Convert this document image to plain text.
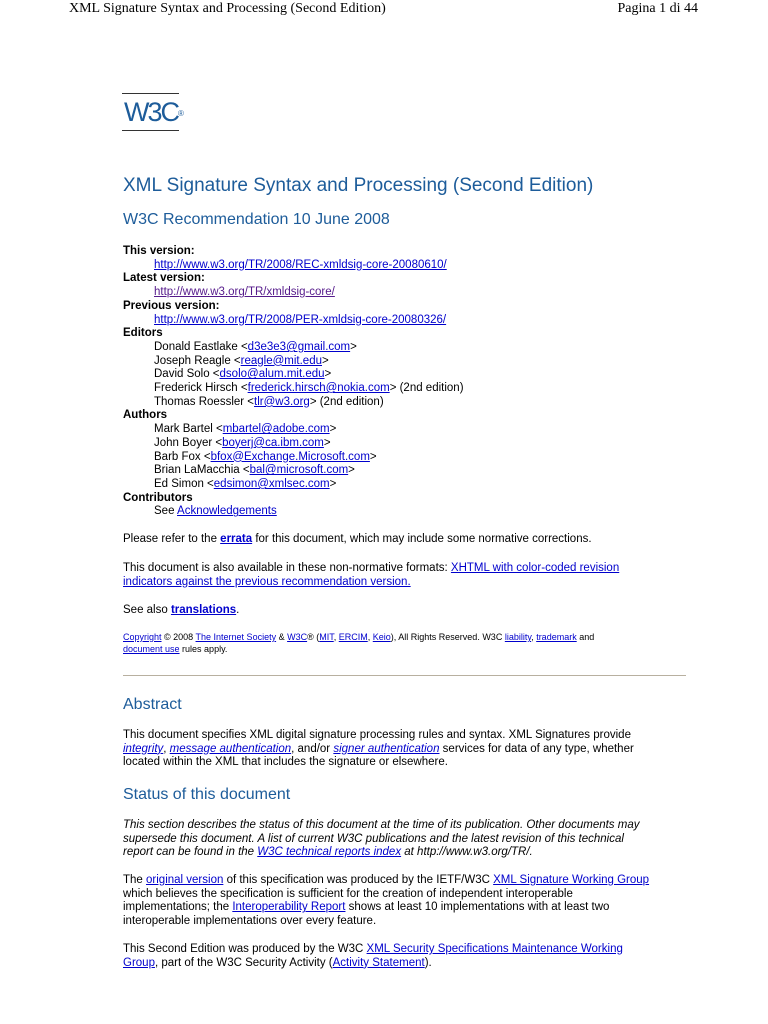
XML Signature Syntax and Processing (Second Edition)	Pagina 1 di 44
W3C®
XML Signature Syntax and Processing (Second Edition)
W3C Recommendation 10 June 2008
This version:
http://www.w3.org/TR/2008/REC-xmldsig-core-20080610/
Latest version:
http://www.w3.org/TR/xmldsig-core/
Previous version:
http://www.w3.org/TR/2008/PER-xmldsig-core-20080326/
Editors
Donald Eastlake <d3e3e3@gmail.com>
Joseph Reagle <reagle@mit.edu>
David Solo <dsolo@alum.mit.edu>
Frederick Hirsch <frederick.hirsch@nokia.com> (2nd edition)
Thomas Roessler <tlr@w3.org> (2nd edition)
Authors
Mark Bartel <mbartel@adobe.com>
John Boyer <boyerj@ca.ibm.com>
Barb Fox <bfox@Exchange.Microsoft.com>
Brian LaMacchia <bal@microsoft.com>
Ed Simon <edsimon@xmlsec.com>
Contributors
See Acknowledgements

Please refer to the errata for this document, which may include some normative corrections.

This document is also available in these non-normative formats: XHTML with color-coded revision
indicators against the previous recommendation version.

See also translations.

Copyright © 2008 The Internet Society & W3C® (MIT, ERCIM, Keio), All Rights Reserved. W3C liability, trademark and
document use rules apply.

Abstract

This document specifies XML digital signature processing rules and syntax. XML Signatures provide
integrity, message authentication, and/or signer authentication services for data of any type, whether
located within the XML that includes the signature or elsewhere.

Status of this document

This section describes the status of this document at the time of its publication. Other documents may
supersede this document. A list of current W3C publications and the latest revision of this technical
report can be found in the W3C technical reports index at http://www.w3.org/TR/.

The original version of this specification was produced by the IETF/W3C XML Signature Working Group
which believes the specification is sufficient for the creation of independent interoperable
implementations; the Interoperability Report shows at least 10 implementations with at least two
interoperable implementations over every feature.

This Second Edition was produced by the W3C XML Security Specifications Maintenance Working
Group, part of the W3C Security Activity (Activity Statement).
